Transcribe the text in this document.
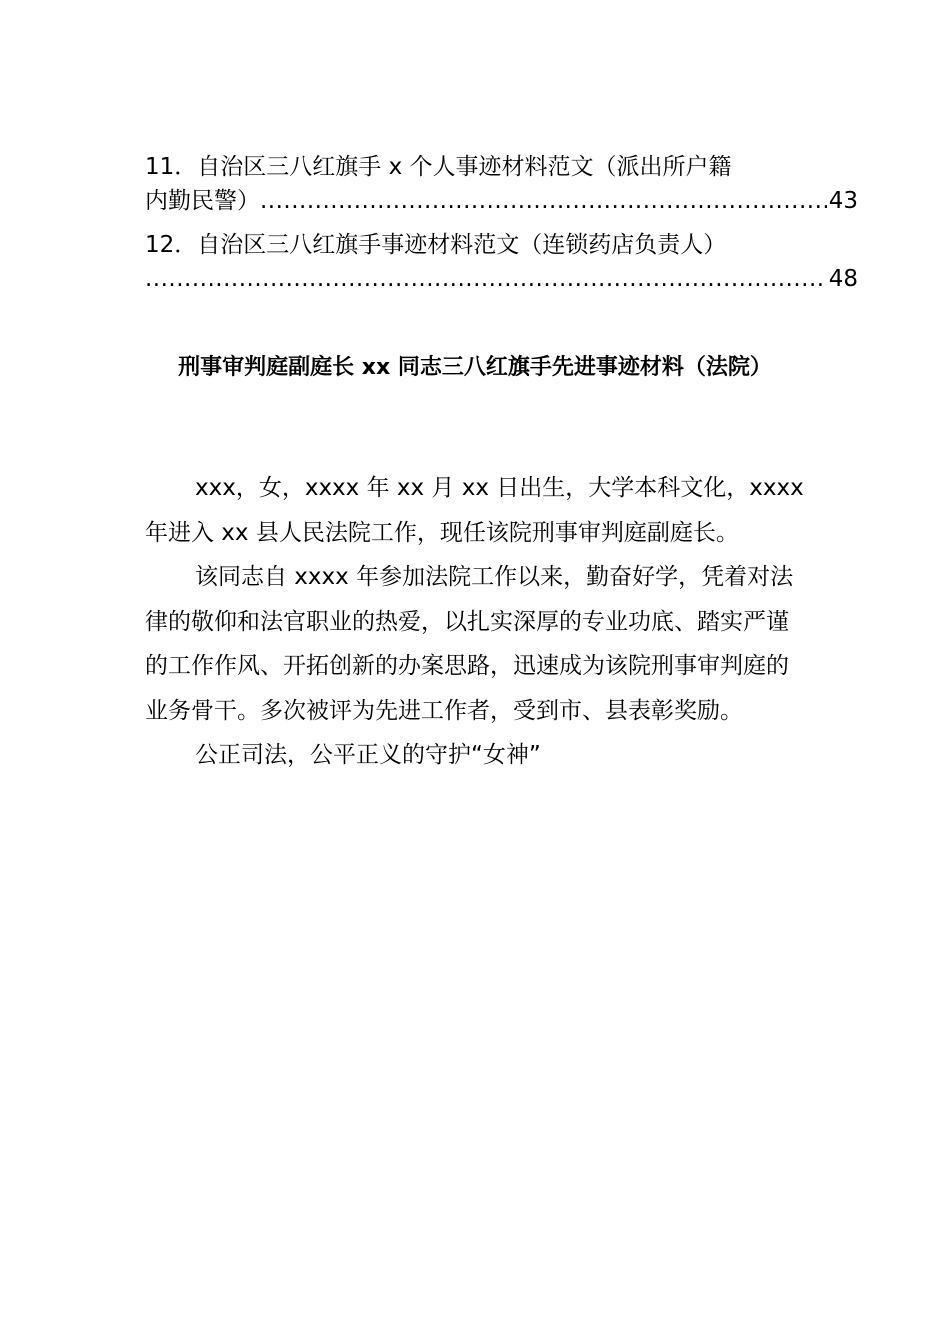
11．自治区三八红旗手 x 个人事迹材料范文（派出所户籍
内勤民警）
.....	43
12．自治区三八红旗手事迹材料范文（连锁药店负责人）
.....
48
刑事审判庭副庭长 xx 同志三八红旗手先进事迹材料（法院）

xxx，女，xxxx 年 xx 月 xx 日出生，大学本科文化，xxxx 年进入 xx 县人民法院工作，现任该院刑事审判庭副庭长。

该同志自 xxxx 年参加法院工作以来，勤奋好学，凭着对法律的敬仰和法官职业的热爱，以扎实深厚的专业功底、踏实严谨的工作作风、开拓创新的办案思路，迅速成为该院刑事审判庭的业务骨干。多次被评为先进工作者，受到市、县表彰奖励。

公正司法，公平正义的守护“女神”
